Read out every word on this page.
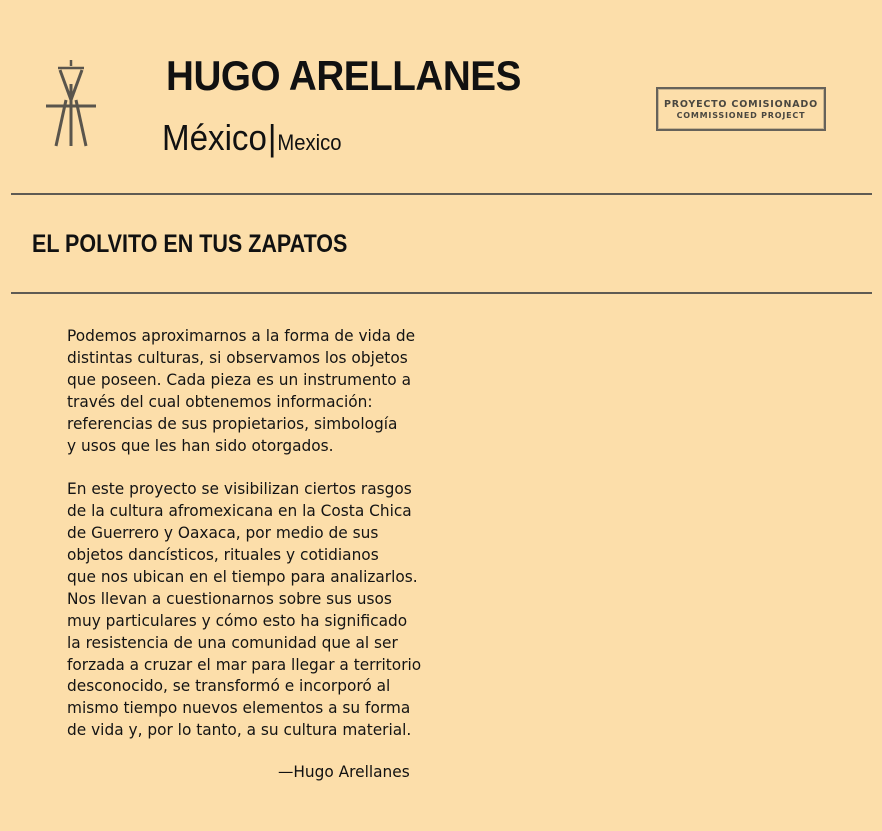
HUGO ARELLANES
México|Mexico
PROYECTO COMISIONADO
COMMISSIONED PROJECT
EL POLVITO EN TUS ZAPATOS

Podemos aproximarnos a la forma de vida de
distintas culturas, si observamos los objetos
que poseen. Cada pieza es un instrumento a
través del cual obtenemos información:
referencias de sus propietarios, simbología
y usos que les han sido otorgados.

En este proyecto se visibilizan ciertos rasgos
de la cultura afromexicana en la Costa Chica
de Guerrero y Oaxaca, por medio de sus
objetos dancísticos, rituales y cotidianos
que nos ubican en el tiempo para analizarlos.
Nos llevan a cuestionarnos sobre sus usos
muy particulares y cómo esto ha significado
la resistencia de una comunidad que al ser
forzada a cruzar el mar para llegar a territorio
desconocido, se transformó e incorporó al
mismo tiempo nuevos elementos a su forma
de vida y, por lo tanto, a su cultura material.

—Hugo Arellanes
